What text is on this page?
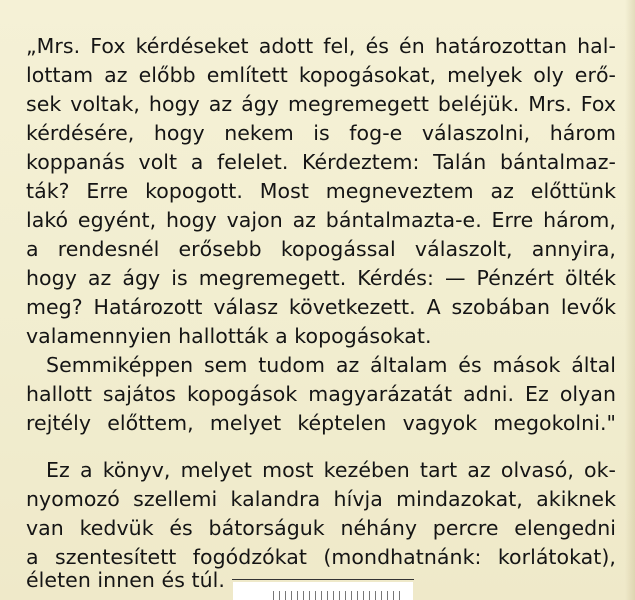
„Mrs. Fox kérdéseket adott fel, és én határozottan hal-
lottam az előbb említett kopogásokat, melyek oly erő-
sek voltak, hogy az ágy megremegett beléjük. Mrs. Fox
kérdésére, hogy nekem is fog-e válaszolni, három
koppanás volt a felelet. Kérdeztem: Talán bántalmaz-
ták? Erre kopogott. Most megneveztem az előttünk
lakó egyént, hogy vajon az bántalmazta-e. Erre három,
a rendesnél erősebb kopogással válaszolt, annyira,
hogy az ágy is megremegett. Kérdés: — Pénzért ölték
meg? Határozott válasz következett. A szobában levők
valamennyien hallották a kopogásokat.
Semmiképpen sem tudom az általam és mások által
hallott sajátos kopogások magyarázatát adni. Ez olyan
rejtély előttem, melyet képtelen vagyok megokolni."
Ez a könyv, melyet most kezében tart az olvasó, ok-
nyomozó szellemi kalandra hívja mindazokat, akiknek
van kedvük és bátorságuk néhány percre elengedni
a szentesített fogódzókat (mondhatnánk: korlátokat),
életen innen és túl.
